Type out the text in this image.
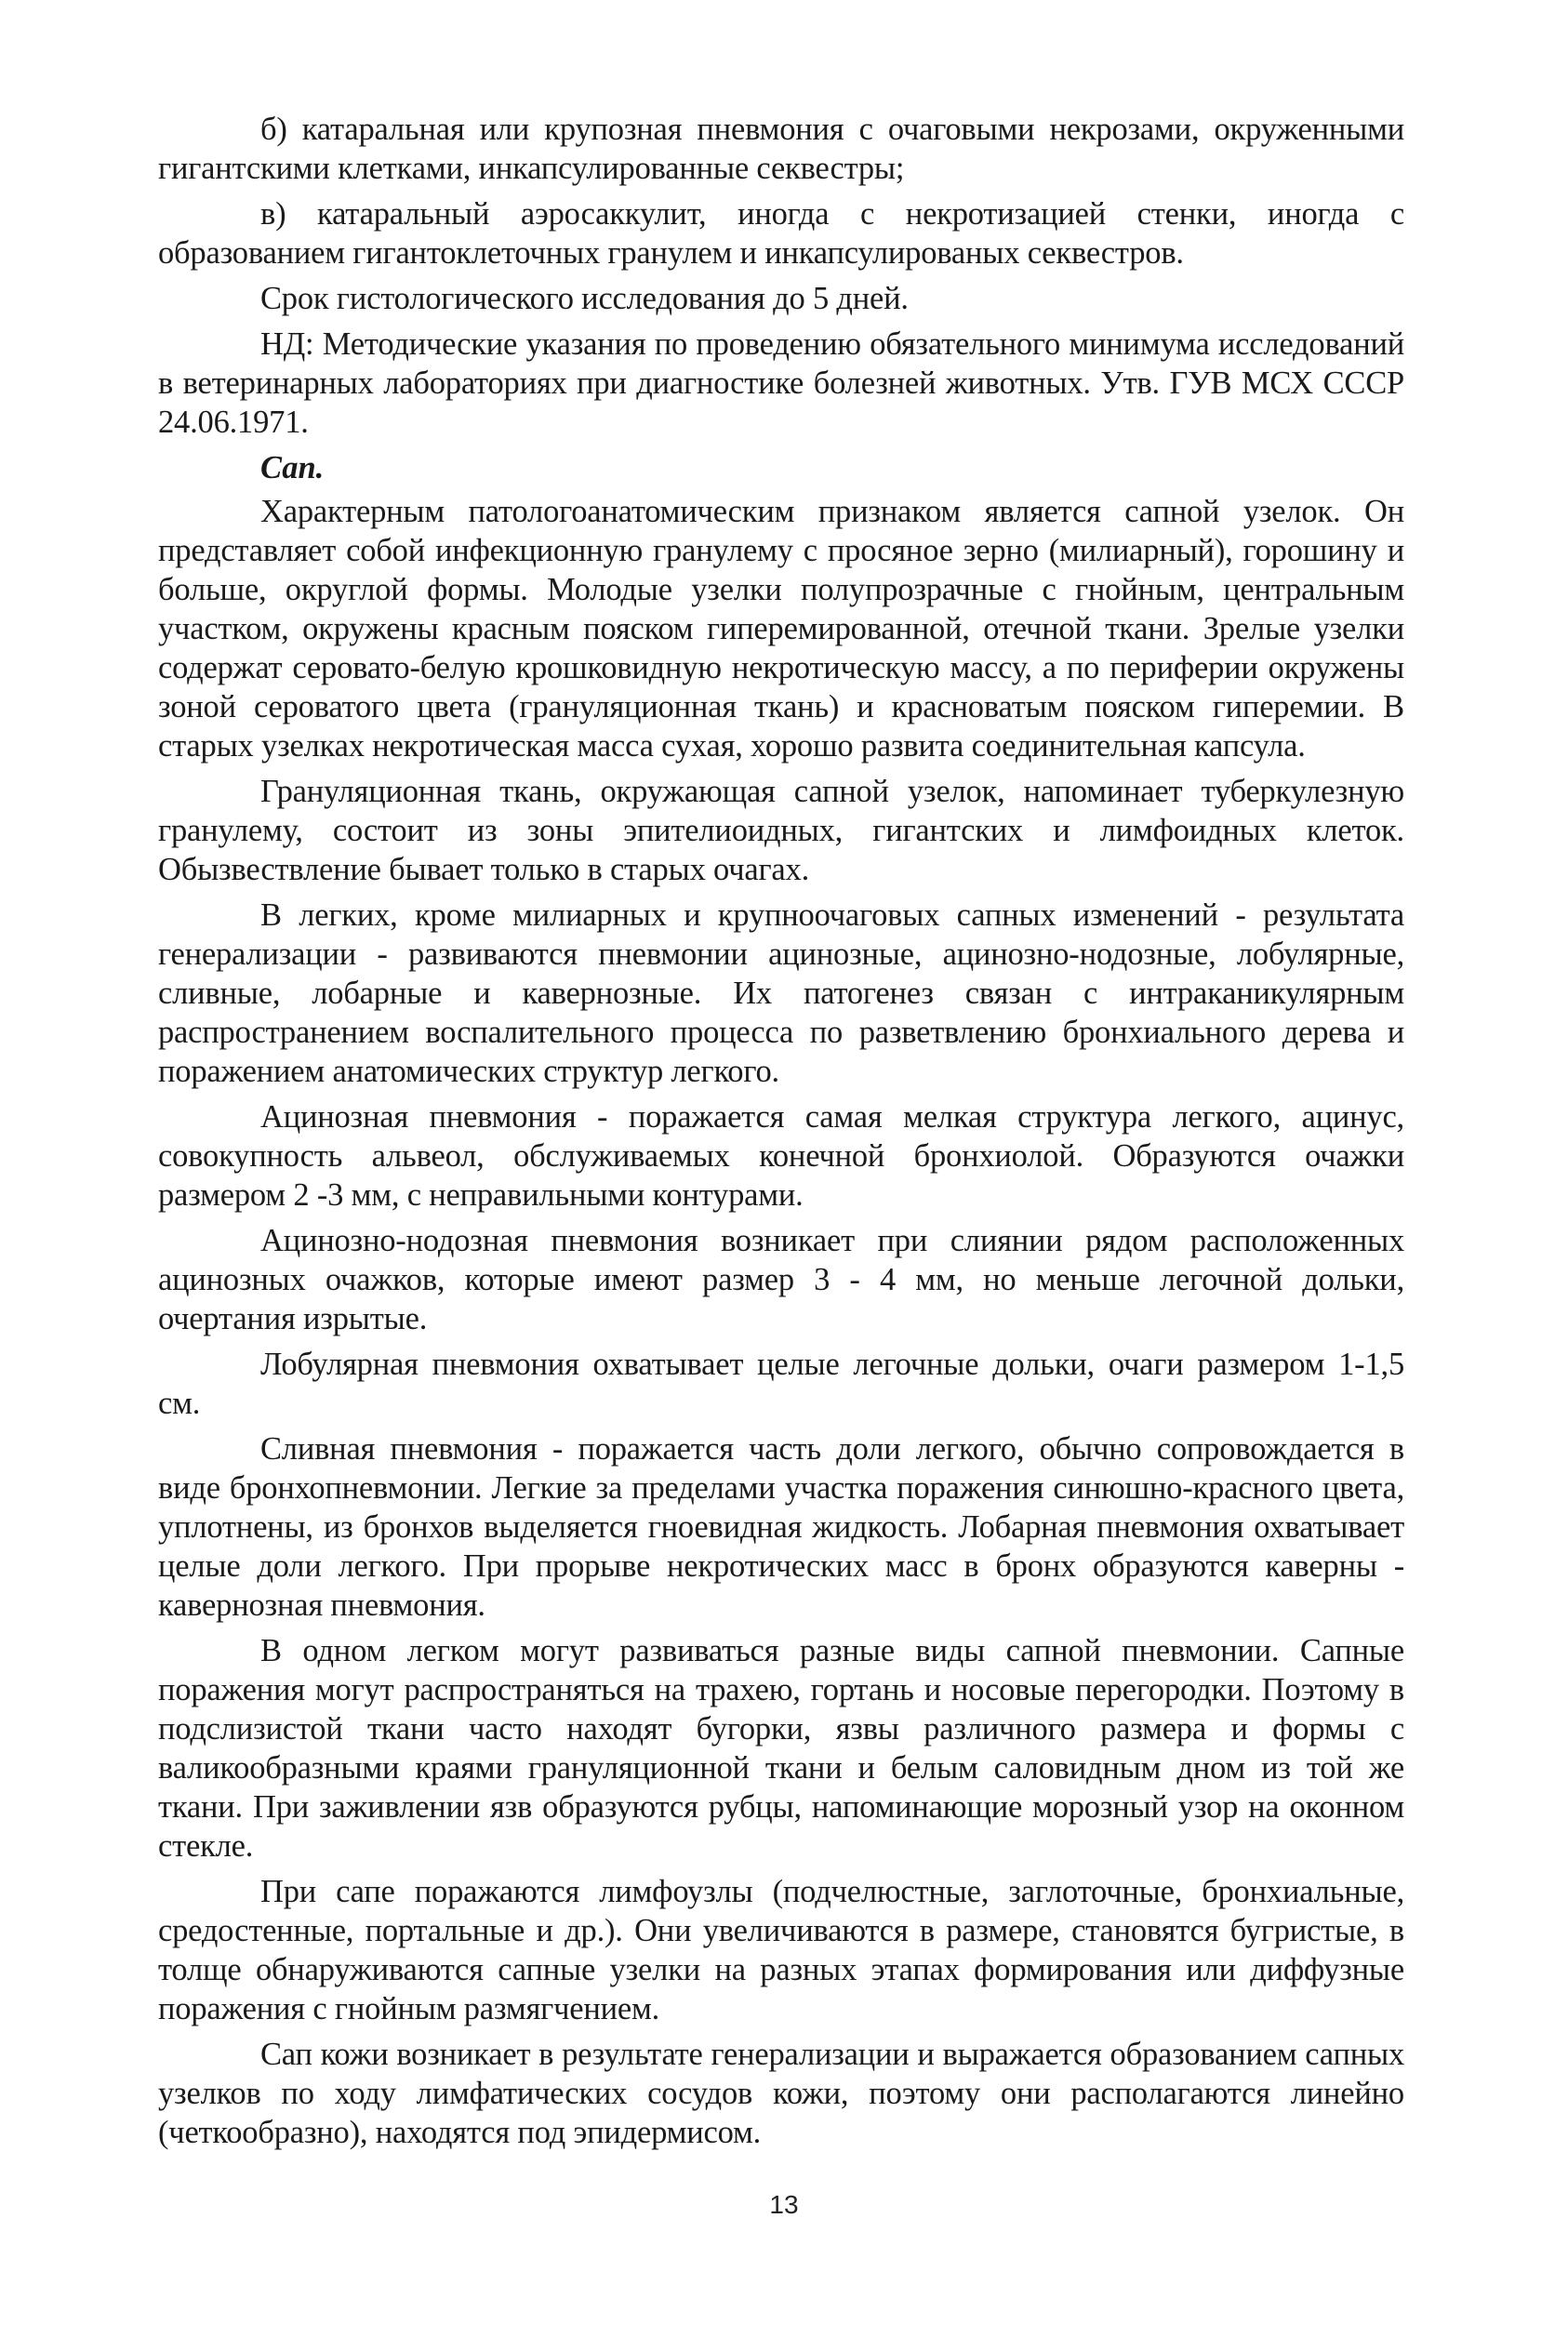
б) катаральная или крупозная пневмония с очаговыми некрозами, окруженными гигантскими клетками, инкапсулированные секвестры;

в) катаральный аэросаккулит, иногда с некротизацией стенки, иногда с образованием гигантоклеточных гранулем и инкапсулированых секвестров.

Срок гистологического исследования до 5 дней.

НД: Методические указания по проведению обязательного минимума исследований в ветеринарных лабораториях при диагностике болезней животных. Утв. ГУВ МСХ СССР 24.06.1971.

Сап.

Характерным патологоанатомическим признаком является сапной узелок. Он представляет собой инфекционную гранулему с просяное зерно (милиарный), горошину и больше, округлой формы. Молодые узелки полупрозрачные с гнойным, центральным участком, окружены красным пояском гиперемированной, отечной ткани. Зрелые узелки содержат серовато-белую крошковидную некротическую массу, а по периферии окружены зоной сероватого цвета (грануляционная ткань) и красноватым пояском гиперемии. В старых узелках некротическая масса сухая, хорошо развита соединительная капсула.

Грануляционная ткань, окружающая сапной узелок, напоминает туберкулезную гранулему, состоит из зоны эпителиоидных, гигантских и лимфоидных клеток. Обызвествление бывает только в старых очагах.

В легких, кроме милиарных и крупноочаговых сапных изменений - результата генерализации - развиваются пневмонии ацинозные, ацинозно-нодозные, лобулярные, сливные, лобарные и кавернозные. Их патогенез связан с интраканикулярным распространением воспалительного процесса по разветвлению бронхиального дерева и поражением анатомических структур легкого.

Ацинозная пневмония - поражается самая мелкая структура легкого, ацинус, совокупность альвеол, обслуживаемых конечной бронхиолой. Образуются очажки размером 2 -3 мм, с неправильными контурами.

Ацинозно-нодозная пневмония возникает при слиянии рядом расположенных ацинозных очажков, которые имеют размер 3 - 4 мм, но меньше легочной дольки, очертания изрытые.

Лобулярная пневмония охватывает целые легочные дольки, очаги размером 1-1,5 см.

Сливная пневмония - поражается часть доли легкого, обычно сопровождается в виде бронхопневмонии. Легкие за пределами участка поражения синюшно-красного цвета, уплотнены, из бронхов выделяется гноевидная жидкость. Лобарная пневмония охватывает целые доли легкого. При прорыве некротических масс в бронх образуются каверны - кавернозная пневмония.

В одном легком могут развиваться разные виды сапной пневмонии. Сапные поражения могут распространяться на трахею, гортань и носовые перегородки. Поэтому в подслизистой ткани часто находят бугорки, язвы различного размера и формы с валикообразными краями грануляционной ткани и белым саловидным дном из той же ткани. При заживлении язв образуются рубцы, напоминающие морозный узор на оконном стекле.

При сапе поражаются лимфоузлы (подчелюстные, заглоточные, бронхиальные, средостенные, портальные и др.). Они увеличиваются в размере, становятся бугристые, в толще обнаруживаются сапные узелки на разных этапах формирования или диффузные поражения с гнойным размягчением.

Сап кожи возникает в результате генерализации и выражается образованием сапных узелков по ходу лимфатических сосудов кожи, поэтому они располагаются линейно (четкообразно), находятся под эпидермисом.

13
